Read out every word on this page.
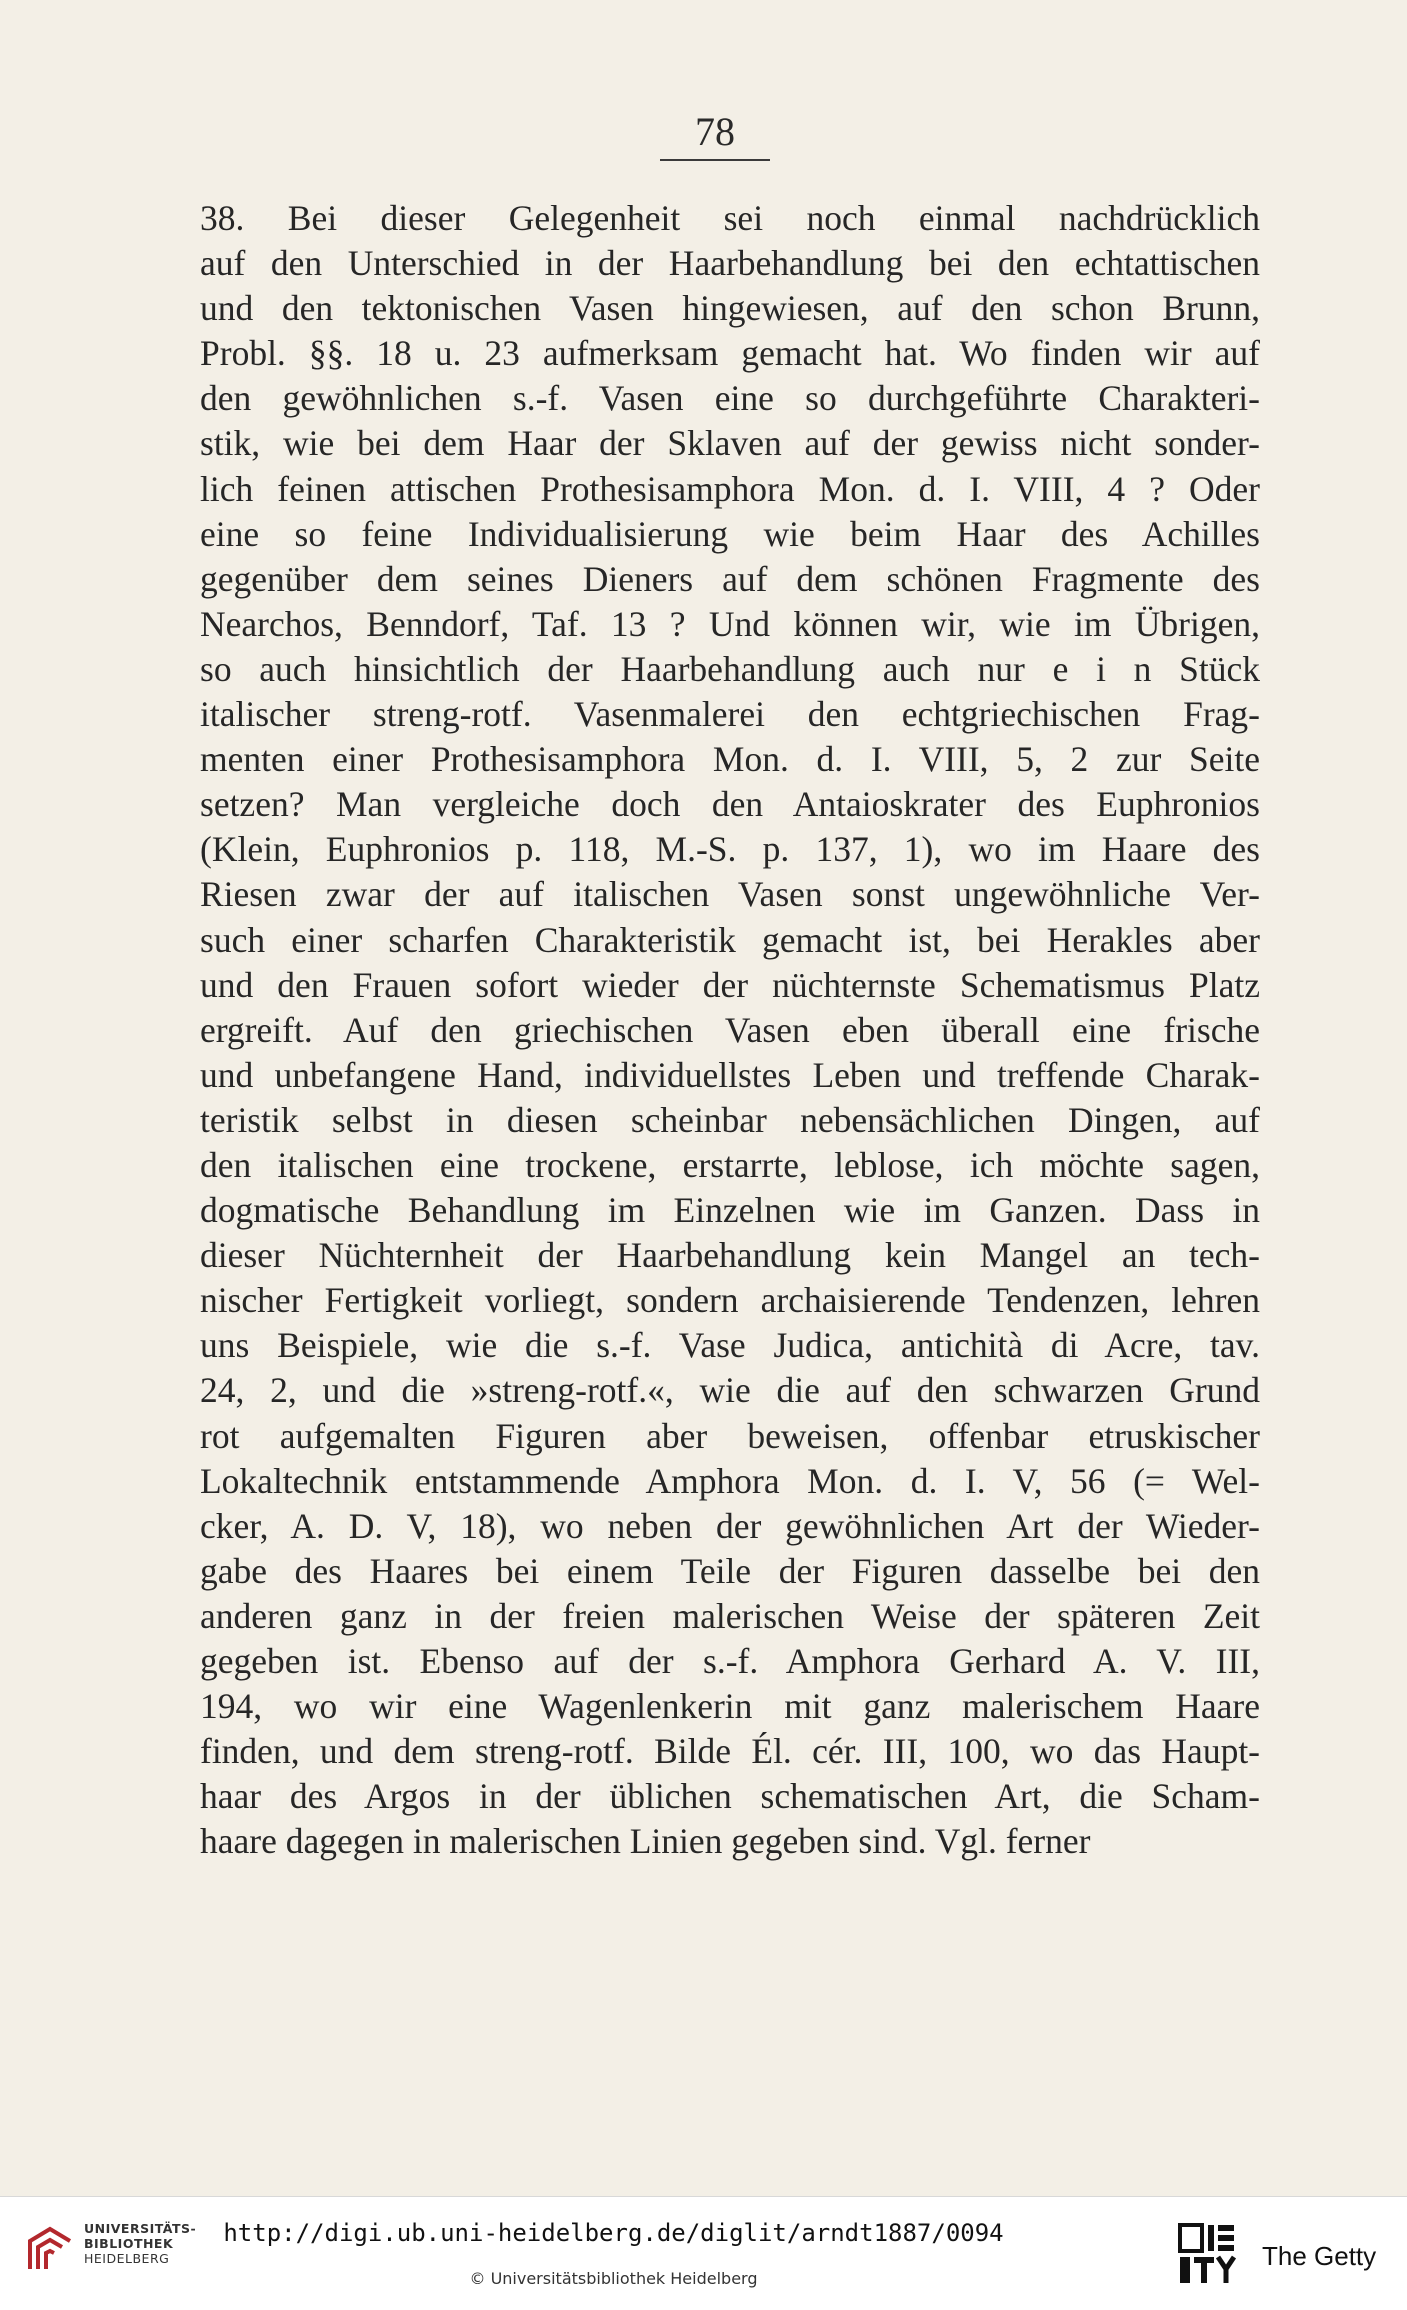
78
38. Bei dieser Gelegenheit sei noch einmal nachdrücklich
auf den Unterschied in der Haarbehandlung bei den echtattischen
und den tektonischen Vasen hingewiesen, auf den schon Brunn,
Probl. §§. 18 u. 23 aufmerksam gemacht hat. Wo finden wir auf
den gewöhnlichen s.-f. Vasen eine so durchgeführte Charakteri-
stik, wie bei dem Haar der Sklaven auf der gewiss nicht sonder-
lich feinen attischen Prothesisamphora Mon. d. I. VIII, 4 ? Oder
eine so feine Individualisierung wie beim Haar des Achilles
gegenüber dem seines Dieners auf dem schönen Fragmente des
Nearchos, Benndorf, Taf. 13 ? Und können wir, wie im Übrigen,
so auch hinsichtlich der Haarbehandlung auch nur e i n Stück
italischer streng-rotf. Vasenmalerei den echtgriechischen Frag-
menten einer Prothesisamphora Mon. d. I. VIII, 5, 2 zur Seite
setzen? Man vergleiche doch den Antaioskrater des Euphronios
(Klein, Euphronios p. 118, M.-S. p. 137, 1), wo im Haare des
Riesen zwar der auf italischen Vasen sonst ungewöhnliche Ver-
such einer scharfen Charakteristik gemacht ist, bei Herakles aber
und den Frauen sofort wieder der nüchternste Schematismus Platz
ergreift. Auf den griechischen Vasen eben überall eine frische
und unbefangene Hand, individuellstes Leben und treffende Charak-
teristik selbst in diesen scheinbar nebensächlichen Dingen, auf
den italischen eine trockene, erstarrte, leblose, ich möchte sagen,
dogmatische Behandlung im Einzelnen wie im Ganzen. Dass in
dieser Nüchternheit der Haarbehandlung kein Mangel an tech-
nischer Fertigkeit vorliegt, sondern archaisierende Tendenzen, lehren
uns Beispiele, wie die s.-f. Vase Judica, antichità di Acre, tav.
24, 2, und die »streng-rotf.«, wie die auf den schwarzen Grund
rot aufgemalten Figuren aber beweisen, offenbar etruskischer
Lokaltechnik entstammende Amphora Mon. d. I. V, 56 (= Wel-
cker, A. D. V, 18), wo neben der gewöhnlichen Art der Wieder-
gabe des Haares bei einem Teile der Figuren dasselbe bei den
anderen ganz in der freien malerischen Weise der späteren Zeit
gegeben ist. Ebenso auf der s.-f. Amphora Gerhard A. V. III,
194, wo wir eine Wagenlenkerin mit ganz malerischem Haare
finden, und dem streng-rotf. Bilde Él. cér. III, 100, wo das Haupt-
haar des Argos in der üblichen schematischen Art, die Scham-
haare dagegen in malerischen Linien gegeben sind. Vgl. ferner
UNIVERSITÄTS-
BIBLIOTHEK
HEIDELBERG
http://digi.ub.uni-heidelberg.de/diglit/arndt1887/0094
© Universitätsbibliothek Heidelberg
The Getty
